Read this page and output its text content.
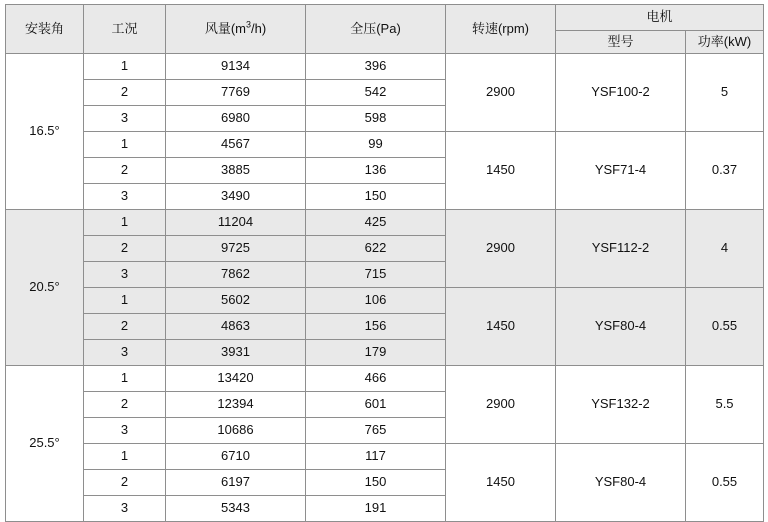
安装角	工况	风量$(m^3/h)$	全压(Pa)	转速(rpm)	电机	
					型号	功率(kW)
16.5°	1	9134	396	2900	YSF100-2	5
	2	7769	542			
	3	6980	598			
	1	4567	99	1450	YSF71-4	0.37
	2	3885	136			
	3	3490	150			
20.5°	1	11204	425	2900	YSF112-2	4
	2	9725	622			
	3	7862	715			
	1	5602	106	1450	YSF80-4	0.55
	2	4863	156			
	3	3931	179			
25.5°	1	13420	466	2900	YSF132-2	5.5
	2	12394	601			
	3	10686	765			
	1	6710	117	1450	YSF80-4	0.55
	2	6197	150			
	3	5343	191			
